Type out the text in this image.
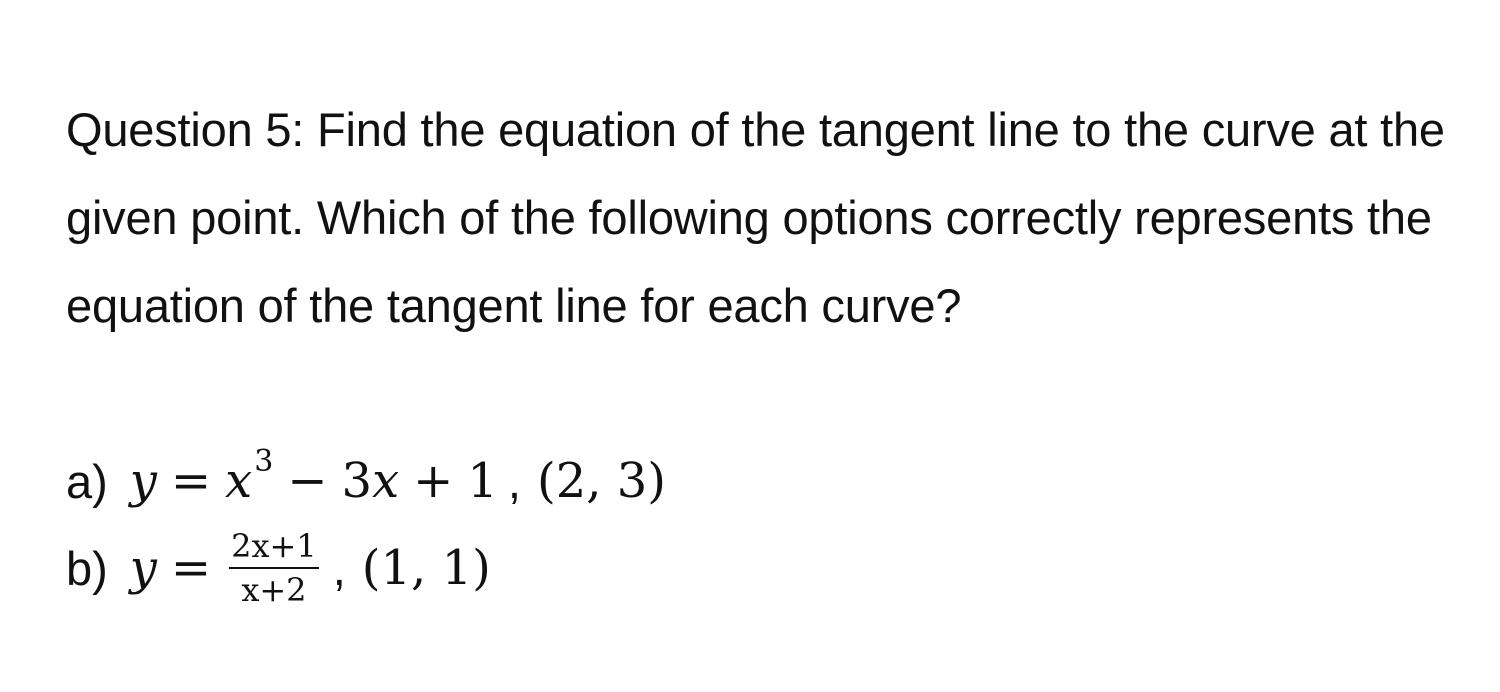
Question 5: Find the equation of the tangent line to the curve at the given point. Which of the following options correctly represents the equation of the tangent line for each curve?

a) y = x 3 − 3 x + 1 , (2, 3)
b) $y = \frac{2x+1}{x+2}$ , (1, 1)
